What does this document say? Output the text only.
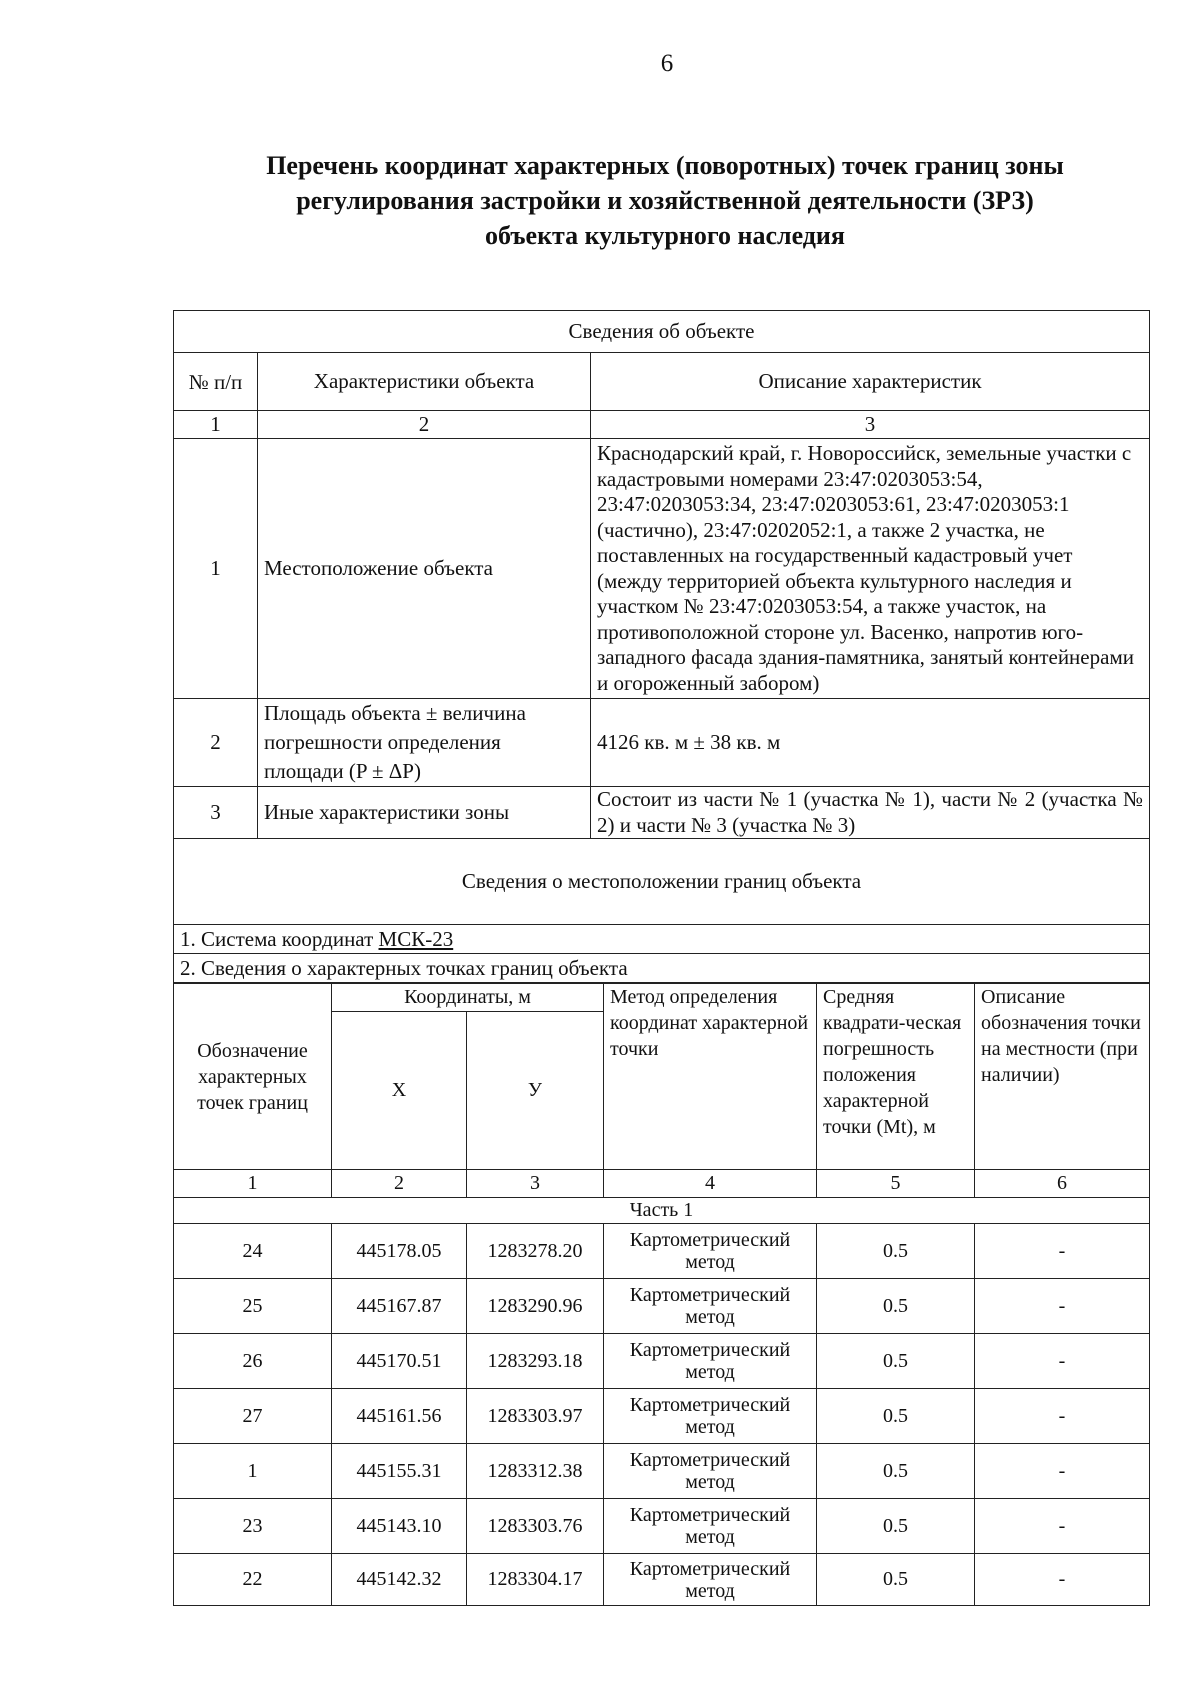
6
Перечень координат характерных (поворотных) точек границ зоны
регулирования застройки и хозяйственной деятельности (ЗРЗ)
объекта культурного наследия
Сведения об объекте		
№ п/п	Характеристики объекта	Описание характеристик
1	2	3
1	Местоположение объекта	Краснодарский край, г. Новороссийск, земельные участки с кадастровыми номерами 23:47:0203053:54, 23:47:0203053:34, 23:47:0203053:61, 23:47:0203053:1 (частично), 23:47:0202052:1, а также 2 участка, не поставленных на государственный кадастровый учет (между территорией объекта культурного наследия и участком № 23:47:0203053:54, а также участок, на противоположной стороне ул. Васенко, напротив юго-западного фасада здания-памятника, занятый контейнерами и огороженный забором)
2	Площадь объекта ± величина погрешности определения площади (P ± ΔP)	4126 кв. м ± 38 кв. м
3	Иные характеристики зоны	Состоит из части № 1 (участка № 1), части № 2 (участка № 2) и части № 3 (участка № 3)
Сведения о местоположении границ объекта		
1. Система координат МСК-23		
2. Сведения о характерных точках границ объекта		
Обозначение характерных точек границ	Координаты, м		Метод определения координат характерной точки	Средняя квадрати-ческая погрешность положения характерной точки (Mt), м	Описание обозначения точки на местности (при наличии)
	X	У			
1	2	3	4	5	6
Часть 1					
24	445178.05	1283278.20	Картометрический метод	0.5	-
25	445167.87	1283290.96	Картометрический метод	0.5	-
26	445170.51	1283293.18	Картометрический метод	0.5	-
27	445161.56	1283303.97	Картометрический метод	0.5	-
1	445155.31	1283312.38	Картометрический метод	0.5	-
23	445143.10	1283303.76	Картометрический метод	0.5	-
22	445142.32	1283304.17	Картометрический метод	0.5	-
